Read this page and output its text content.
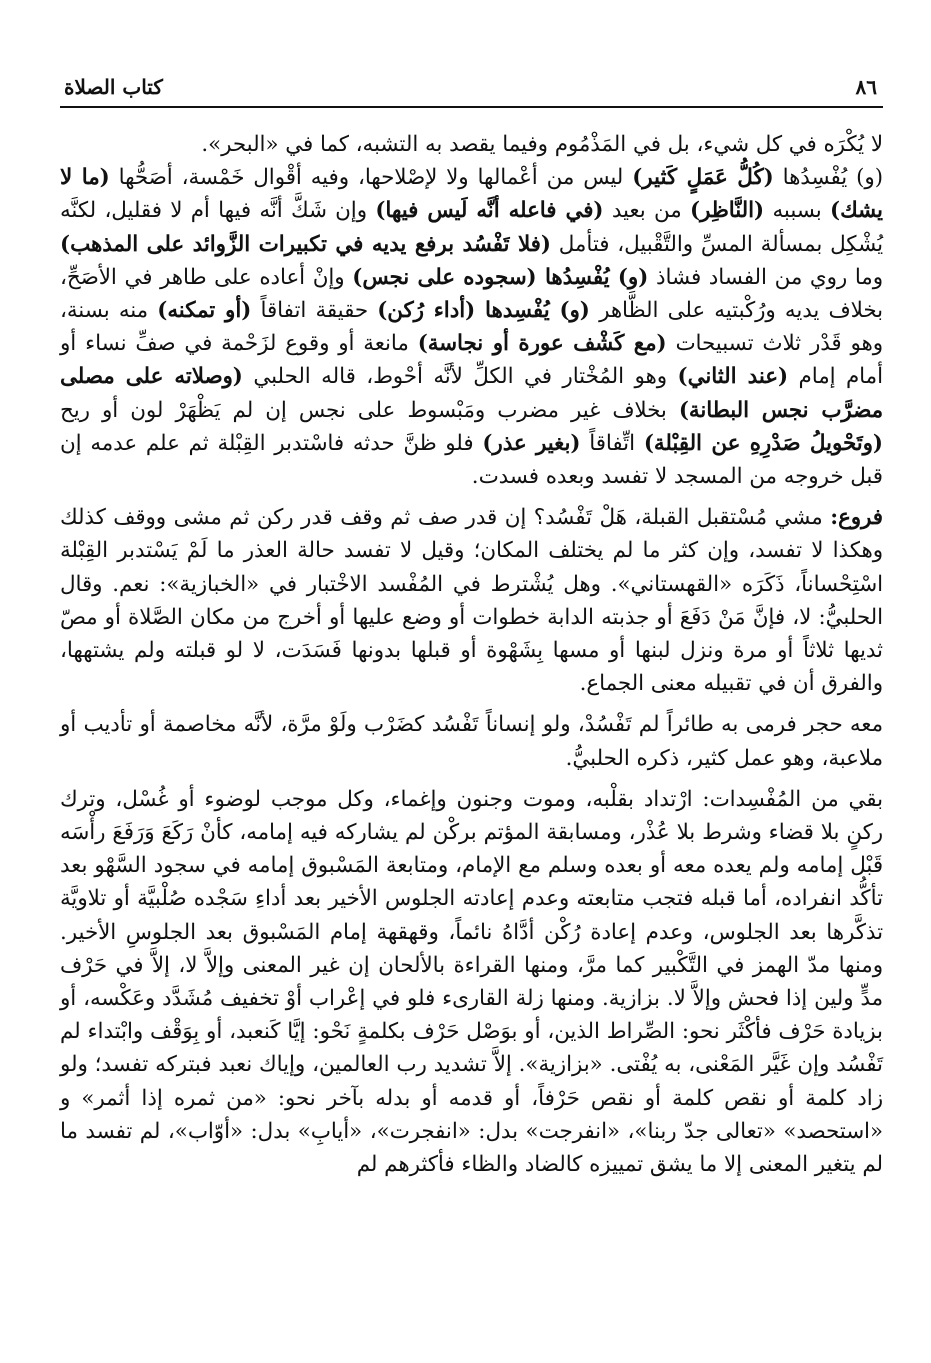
٨٦
كتاب الصلاة

لا يُكْرَه في كل شيء، بل في المَذْمُوم وفيما يقصد به التشبه، كما في «البحر».

(و) يُفْسِدُها (كُلُّ عَمَلٍ كَثير) ليس من أعْمالها ولا لإصْلاحها، وفيه أقْوال خَمْسة، أصَحُّها (ما لا يشك) بسببه (النَّاظِر) من بعيد (في فاعله أنَّه لَيس فيها) وإن شَكَّ أنَّه فيها أم لا فقليل، لكنَّه يُشْكِل بمسألة المسِّ والتَّقْبيل، فتأمل (فلا تَفْسُد برفع يديه في تكبيرات الزَّوائد على المذهب) وما روي من الفساد فشاذ (و) يُفْسِدُها (سجوده على نجس) وإنْ أعاده على طاهر في الأصَحِّ، بخلاف يديه ورُكْبتيه على الظَّاهر (و) يُفْسِدها (أداء رُكن) حقيقة اتفاقاً (أو تمكنه) منه بسنة، وهو قَدْر ثلاث تسبيحات (مع كَشْف عورة أو نجاسة) مانعة أو وقوع لزَحْمة في صفِّ نساء أو أمام إمام (عند الثاني) وهو المُخْتار في الكلِّ لأنَّه أحْوط، قاله الحلبي (وصلاته على مصلى مضرَّب نجس البطانة) بخلاف غير مضرب ومَبْسوط على نجس إن لم يَظْهَرْ لون أو ريح (وتَحْويلُ صَدْرِهِ عن القِبْلة) اتِّفاقاً (بغير عذر) فلو ظنَّ حدثه فاسْتدبر القِبْلة ثم علم عدمه إن قبل خروجه من المسجد لا تفسد وبعده فسدت.

فروع: مشي مُسْتقبل القبلة، هَلْ تَفْسُد؟ إن قدر صف ثم وقف قدر ركن ثم مشى ووقف كذلك وهكذا لا تفسد، وإن كثر ما لم يختلف المكان؛ وقيل لا تفسد حالة العذر ما لَمْ يَسْتدبر القِبْلة اسْتِحْساناً، ذَكَرَه «القهستاني». وهل يُشْترط في المُفْسد الاخْتبار في «الخبازية»: نعم. وقال الحلبيُّ: لا، فإنَّ مَنْ دَفَعَ أو جذبته الدابة خطوات أو وضع عليها أو أخرج من مكان الصَّلاة أو مصّ ثديها ثلاثاً أو مرة ونزل لبنها أو مسها بِشَهْوة أو قبلها بدونها فَسَدَت، لا لو قبلته ولم يشتهها، والفرق أن في تقبيله معنى الجماع.

معه حجر فرمى به طائراً لم تَفْسُدْ، ولو إنساناً تَفْسُد كضَرْب ولَوْ مرَّة، لأنَّه مخاصمة أو تأديب أو ملاعبة، وهو عمل كثير، ذكره الحلبيُّ.

بقي من المُفْسِدات: ارْتداد بقلْبه، وموت وجنون وإغماء، وكل موجب لوضوء أو غُسْل، وترك ركنٍ بلا قضاء وشرط بلا عُذْر، ومسابقة المؤتم بركْن لم يشاركه فيه إمامه، كأنْ رَكَعَ وَرَفَعَ رأْسَه قَبْل إمامه ولم يعده معه أو بعده وسلم مع الإمام، ومتابعة المَسْبوق إمامه في سجود السَّهْو بعد تأكُّد انفراده، أما قبله فتجب متابعته وعدم إعادته الجلوس الأخير بعد أداءِ سَجْده صُلْبيَّة أو تلاويَّة تذكَّرها بعد الجلوس، وعدم إعادة رُكْن أدَّاهُ نائماً، وقهقهة إمام المَسْبوق بعد الجلوسِ الأخير. ومنها مدّ الهمز في التَّكْبير كما مرَّ، ومنها القراءة بالألحان إن غير المعنى وإلاَّ لا، إلاَّ في حَرْف مدٍّ ولين إذا فحش وإلاَّ لا. بزازية. ومنها زلة القارىء فلو في إعْراب أوْ تخفيف مُشَدَّد وعَكْسه، أو بزيادة حَرْف فأكْثَر نحو: الصِّراط الذين، أو بوَصْل حَرْف بكلمةٍ نَحْو: إيَّا كَنعبد، أو بِوَقْف وابْتداء لم تَفْسُد وإن غَيَّر المَعْنى، به يُفْتى. «بزازية». إلاَّ تشديد رب العالمين، وإياك نعبد فبتركه تفسد؛ ولو زاد كلمة أو نقص كلمة أو نقص حَرْفاً، أو قدمه أو بدله بآخر نحو: «من ثمره إذا أثمر» و «استحصد» «تعالى جدّ ربنا»، «انفرجت» بدل: «انفجرت»، «أيابِ» بدل: «أوّاب»، لم تفسد ما لم يتغير المعنى إلا ما يشق تمييزه كالضاد والظاء فأكثرهم لم
